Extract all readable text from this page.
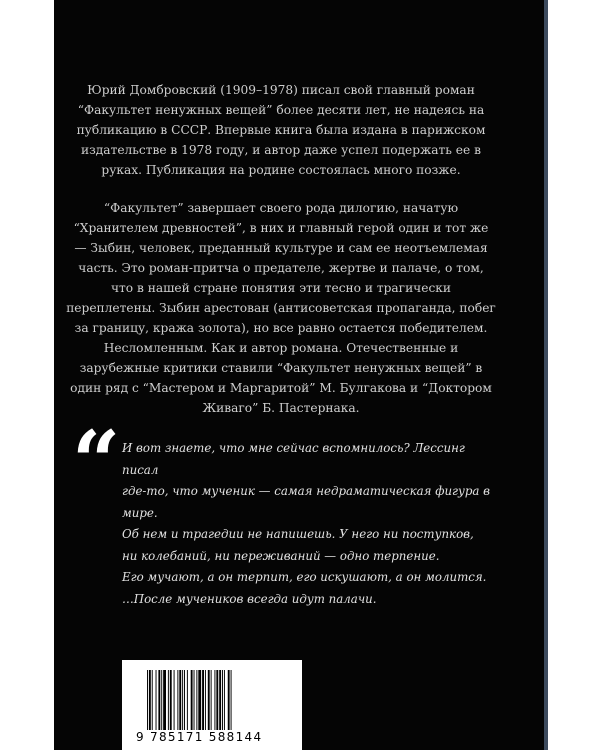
Юрий Домбровский (1909–1978) писал свой главный роман “Факультет ненужных вещей” более десяти лет, не надеясь на публикацию в СССР. Впервые книга была издана в парижском издательстве в 1978 году, и автор даже успел подержать ее в руках. Публикация на родине состоялась много позже.

“Факультет” завершает своего рода дилогию, начатую “Хранителем древностей”, в них и главный герой один и тот же — Зыбин, человек, преданный культуре и сам ее неотъемлемая часть. Это роман-притча о предателе, жертве и палаче, о том, что в нашей стране понятия эти тесно и трагически переплетены. Зыбин арестован (антисоветская пропаганда, побег за границу, кража золота), но все равно остается победителем. Несломленным. Как и автор романа. Отечественные и зарубежные критики ставили “Факультет ненужных вещей” в один ряд с “Мастером и Маргаритой” М. Булгакова и “Доктором Живаго” Б. Пастернака.

“ И вот знаете, что мне сейчас вспомнилось? Лессинг писал

где-то, что мученик — самая недраматическая фигура в мире.

Об нем и трагедии не напишешь. У него ни поступков,

ни колебаний, ни переживаний — одно терпение.

Его мучают, а он терпит, его искушают, а он молится.

…После мучеников всегда идут палачи.

9 785171 588144
